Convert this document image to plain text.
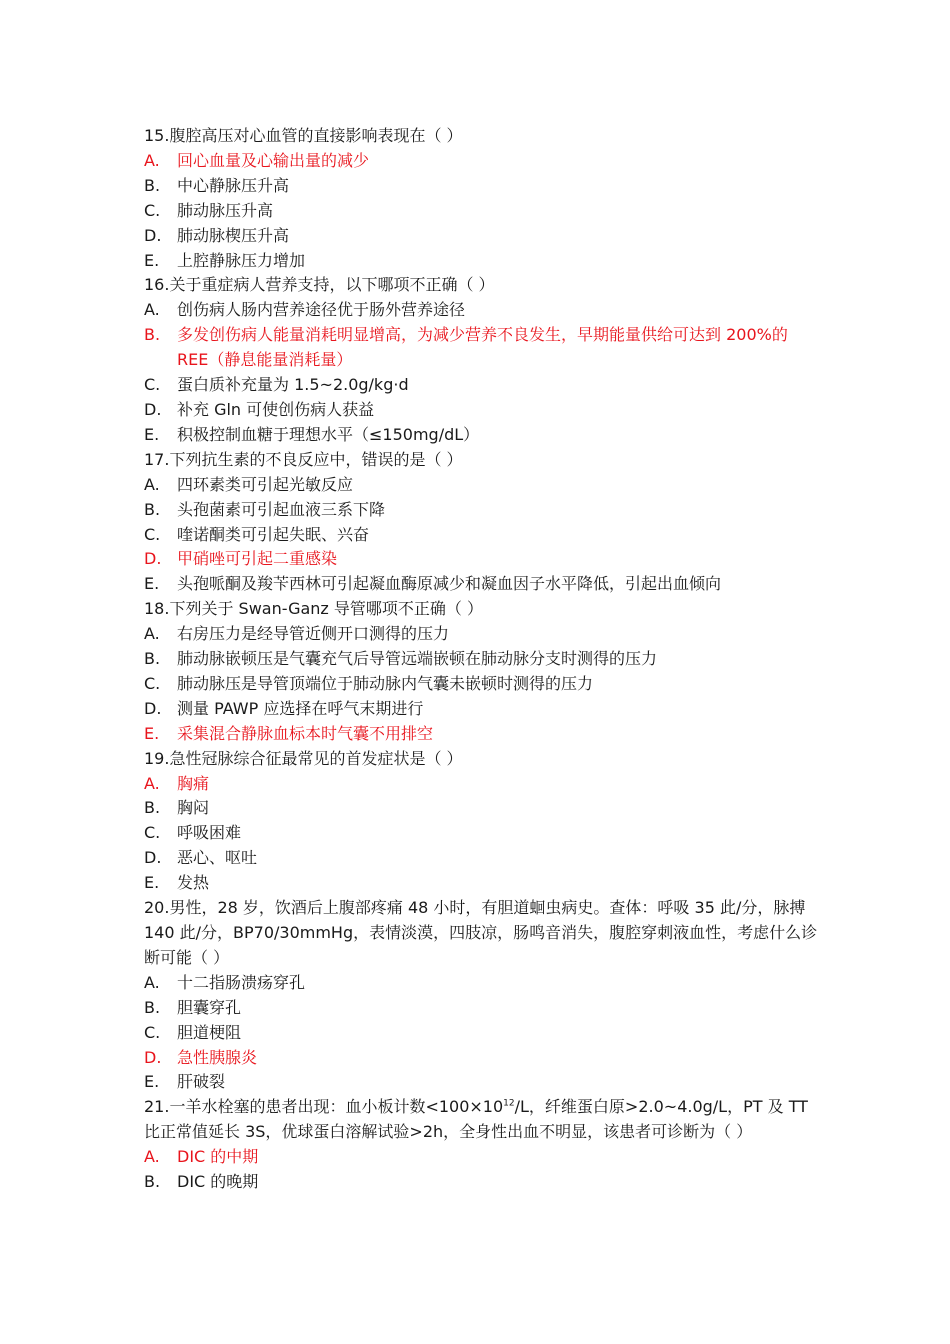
15.腹腔高压对心血管的直接影响表现在（ ）
A.	回心血量及心输出量的减少
B.	中心静脉压升高
C.	肺动脉压升高
D. 肺动脉楔压升高
E.	上腔静脉压力增加
16.关于重症病人营养支持，以下哪项不正确（ ）
A.	创伤病人肠内营养途径优于肠外营养途径
B.	多发创伤病人能量消耗明显增高，为减少营养不良发生，早期能量供给可达到 200%的 REE（静息能量消耗量）
C.	蛋白质补充量为 1.5~2.0g/kg·d
D. 补充 Gln 可使创伤病人获益
E.	积极控制血糖于理想水平（≤150mg/dL）
17.下列抗生素的不良反应中，错误的是（ ）
A.	四环素类可引起光敏反应
B.	头孢菌素可引起血液三系下降
C.	喹诺酮类可引起失眠、兴奋
D. 甲硝唑可引起二重感染
E.	头孢哌酮及羧苄西林可引起凝血酶原减少和凝血因子水平降低，引起出血倾向
18.下列关于 Swan-Ganz 导管哪项不正确（ ）
A.	右房压力是经导管近侧开口测得的压力
B.	肺动脉嵌顿压是气囊充气后导管远端嵌顿在肺动脉分支时测得的压力
C.	肺动脉压是导管顶端位于肺动脉内气囊未嵌顿时测得的压力
D. 测量 PAWP 应选择在呼气末期进行
E.	采集混合静脉血标本时气囊不用排空
19.急性冠脉综合征最常见的首发症状是（ ）
A.	胸痛
B.	胸闷
C.	呼吸困难
D. 恶心、呕吐
E.	发热
20.男性，28 岁，饮酒后上腹部疼痛 48 小时，有胆道蛔虫病史。查体：呼吸 35 此/分，脉搏 140 此/分，BP70/30mmHg，表情淡漠，四肢凉，肠鸣音消失，腹腔穿刺液血性，考虑什么诊断可能（ ）
A.	十二指肠溃疡穿孔
B.	胆囊穿孔
C.	胆道梗阻
D. 急性胰腺炎
E.	肝破裂
21.一羊水栓塞的患者出现：血小板计数$<100\times 10^{12}/L$，纤维蛋白原>2.0~4.0g/L，PT 及 TT 比正常值延长 3S，优球蛋白溶解试验>2h，全身性出血不明显，该患者可诊断为（ ）
A.	DIC 的中期
B.	DIC 的晚期
